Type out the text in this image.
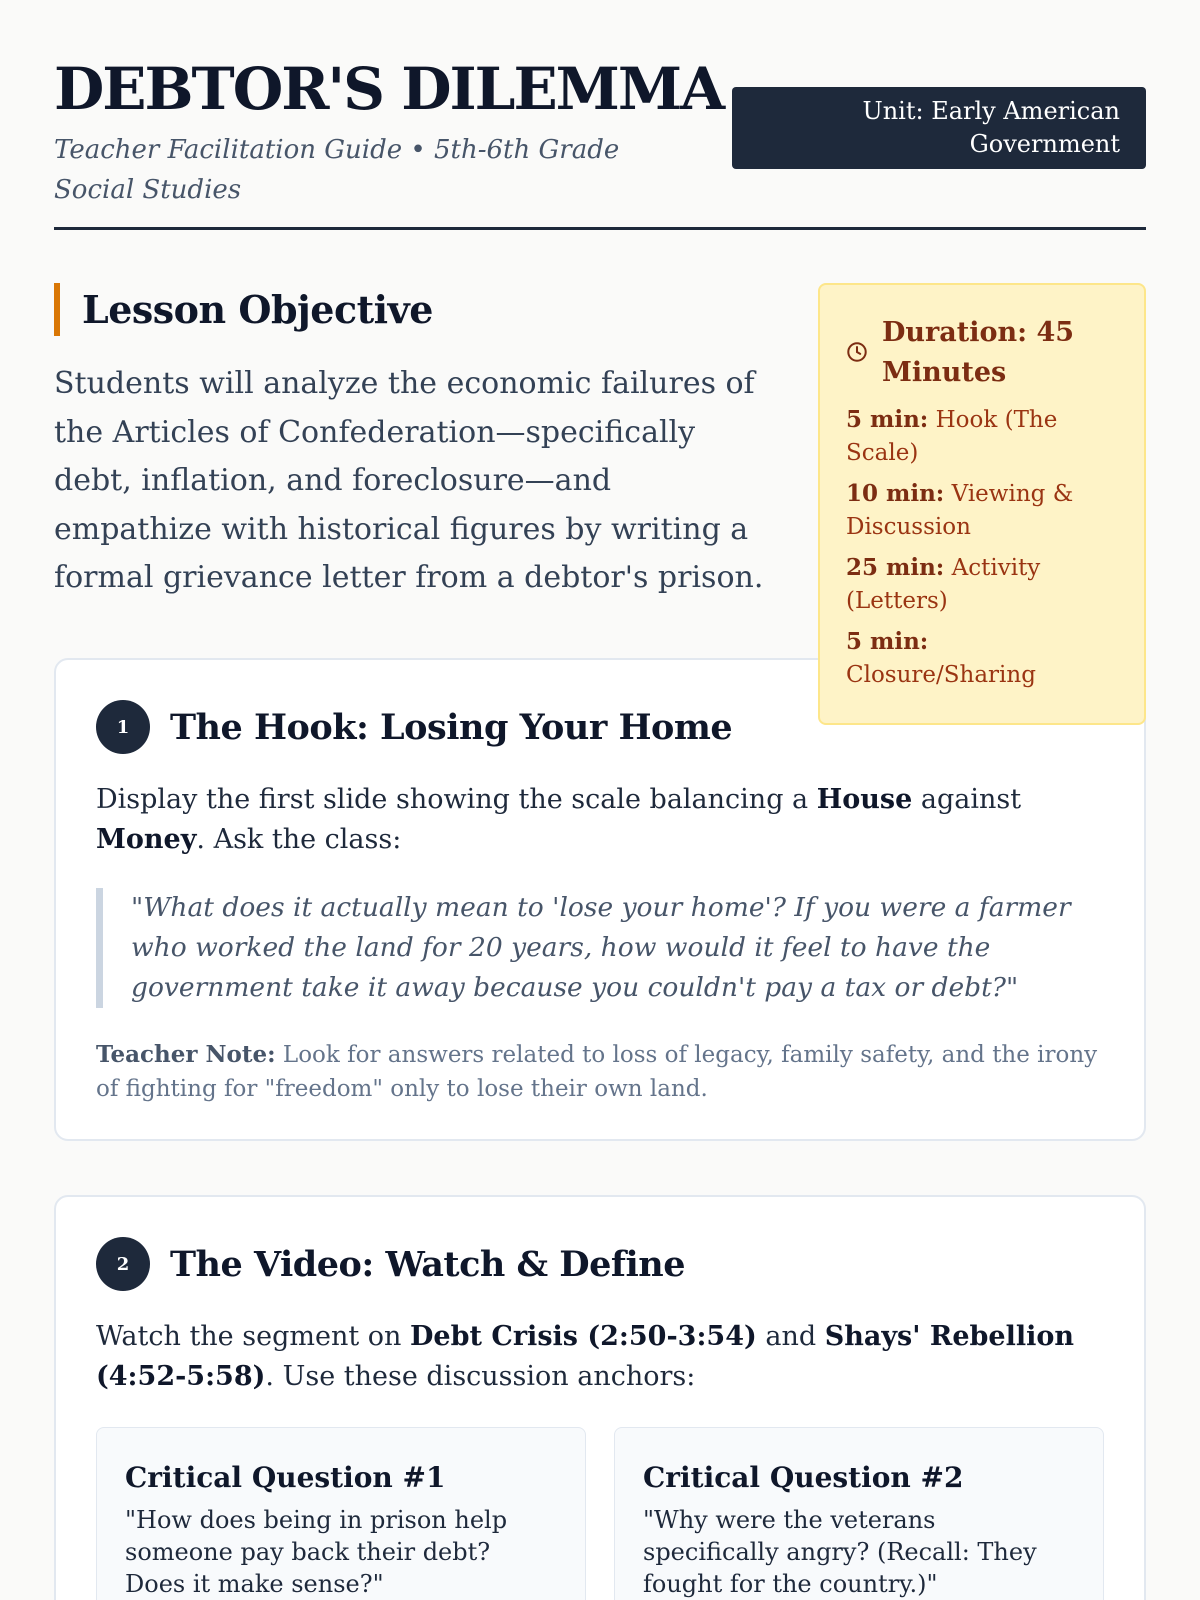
DEBTOR'S DILEMMA
Teacher Facilitation Guide • 5th-6th Grade Social Studies
Unit: Early American Government
Lesson Objective

Students will analyze the economic failures of the Articles of Confederation—specifically debt, inflation, and foreclosure—and empathize with historical figures by writing a formal grievance letter from a debtor's prison.

Duration: 45 Minutes
5 min: Hook (The Scale)
10 min: Viewing & Discussion
25 min: Activity (Letters)
5 min: Closure/Sharing
1	The Hook: Losing Your Home

Display the first slide showing the scale balancing a House against Money. Ask the class:

"What does it actually mean to 'lose your home'? If you were a farmer who worked the land for 20 years, how would it feel to have the government take it away because you couldn't pay a tax or debt?"

Teacher Note: Look for answers related to loss of legacy, family safety, and the irony of fighting for "freedom" only to lose their own land.

2	The Video: Watch & Define

Watch the segment on Debt Crisis (2:50-3:54) and Shays' Rebellion (4:52-5:58). Use these discussion anchors:

Critical Question #1
"How does being in prison help someone pay back their debt? Does it make sense?"
Critical Question #2
"Why were the veterans specifically angry? (Recall: They fought for the country.)"
